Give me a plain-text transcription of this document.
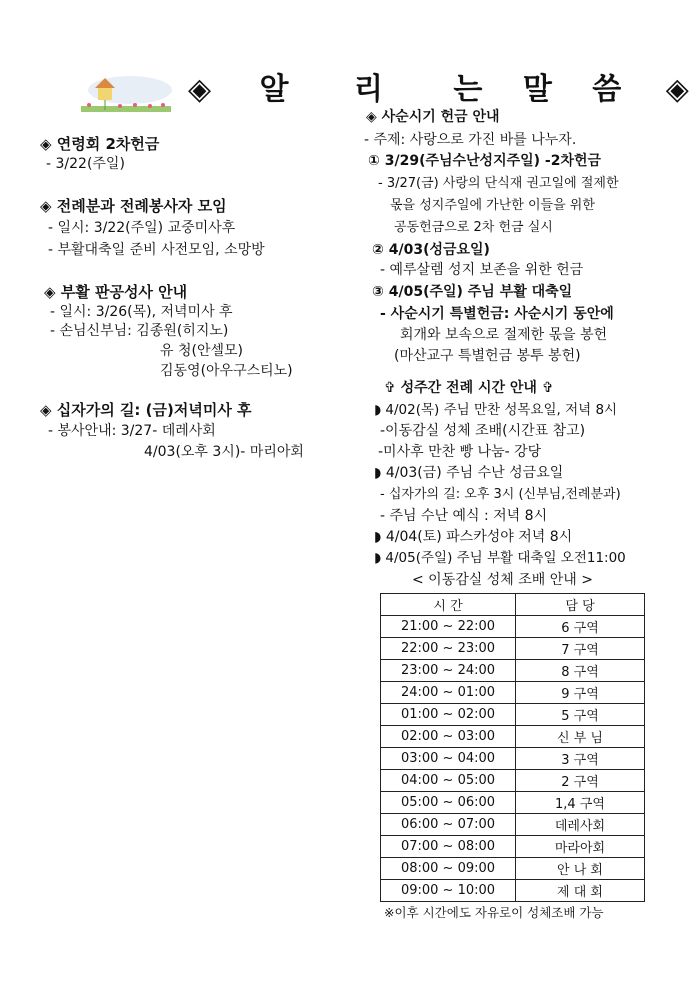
◈ 알 리 는 말 씀 ◈
◈ 연령회 2차헌금
- 3/22(주일)
◈ 전례분과 전례봉사자 모임
- 일시: 3/22(주일) 교중미사후
- 부활대축일 준비 사전모임, 소망방
◈ 부활 판공성사 안내
- 일시: 3/26(목), 저녁미사 후
- 손님신부님: 김종원(히지노)
유 청(안셀모)
김동영(아우구스티노)
◈ 십자가의 길: (금)저녁미사 후
- 봉사안내: 3/27- 데레사회
4/03(오후 3시)- 마리아회
◈ 사순시기 헌금 안내
- 주제: 사랑으로 가진 바를 나누자.
① 3/29(주님수난성지주일) -2차헌금
- 3/27(금) 사랑의 단식재 권고일에 절제한
몫을 성지주일에 가난한 이들을 위한
공동헌금으로 2차 헌금 실시
② 4/03(성금요일)
- 예루살렘 성지 보존을 위한 헌금
③ 4/05(주일) 주님 부활 대축일
- 사순시기 특별헌금: 사순시기 동안에
회개와 보속으로 절제한 몫을 봉헌
(마산교구 특별헌금 봉투 봉헌)
✞ 성주간 전례 시간 안내 ✞
◗ 4/02(목) 주님 만찬 성목요일, 저녁 8시
-이동감실 성체 조배(시간표 참고)
-미사후 만찬 빵 나눔- 강당
◗ 4/03(금) 주님 수난 성금요일
- 십자가의 길: 오후 3시 (신부님,전례분과)
- 주님 수난 예식 : 저녁 8시
◗ 4/04(토) 파스카성야 저녁 8시
◗ 4/05(주일) 주님 부활 대축일 오전11:00
< 이동감실 성체 조배 안내 >
시 간	담 당
21:00 ~ 22:00	6 구역
22:00 ~ 23:00	7 구역
23:00 ~ 24:00	8 구역
24:00 ~ 01:00	9 구역
01:00 ~ 02:00	5 구역
02:00 ~ 03:00	신 부 님
03:00 ~ 04:00	3 구역
04:00 ~ 05:00	2 구역
05:00 ~ 06:00	1,4 구역
06:00 ~ 07:00	데레사회
07:00 ~ 08:00	마라아회
08:00 ~ 09:00	안 나 회
09:00 ~ 10:00	제 대 회
※이후 시간에도 자유로이 성체조배 가능
